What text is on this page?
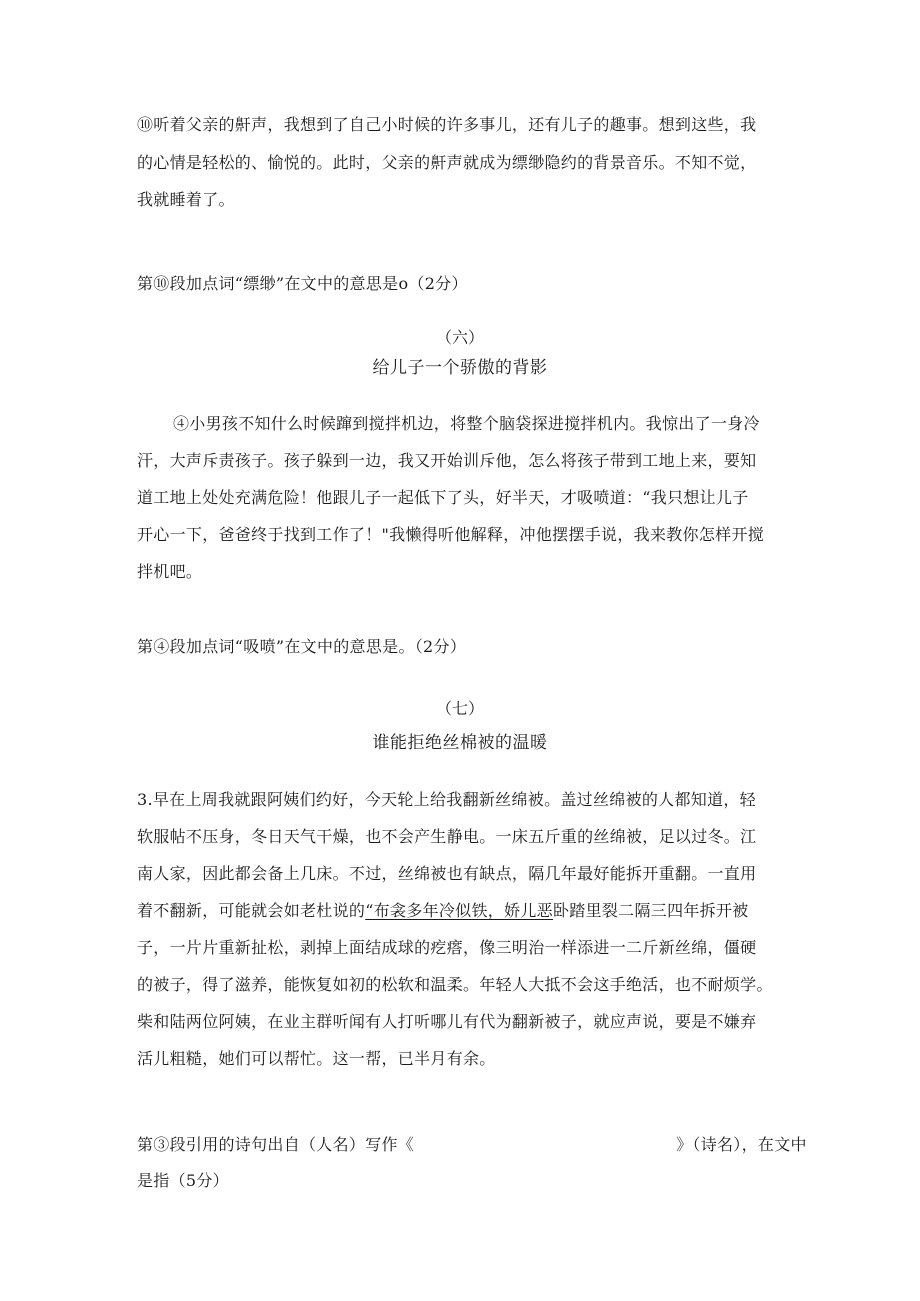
⑩听着父亲的鼾声，我想到了自己小时候的许多事儿，还有儿子的趣事。想到这些，我
的心情是轻松的、愉悦的。此时，父亲的鼾声就成为缥缈隐约的背景音乐。不知不觉，
我就睡着了。
第⑩段加点词“缥缈”在文中的意思是o（2分）
（六）
给儿子一个骄傲的背影
④小男孩不知什么时候蹿到搅拌机边，将整个脑袋探进搅拌机内。我惊出了一身冷
汗，大声斥责孩子。孩子躲到一边，我又开始训斥他，怎么将孩子带到工地上来，要知
道工地上处处充满危险！他跟儿子一起低下了头，好半天，才吸喷道：“我只想让儿子
开心一下，爸爸终于找到工作了！"我懒得听他解释，冲他摆摆手说，我来教你怎样开搅
拌机吧。
第④段加点词“吸喷”在文中的意思是。（2分）
（七）
谁能拒绝丝棉被的温暖
3.早在上周我就跟阿姨们约好，今天轮上给我翻新丝绵被。盖过丝绵被的人都知道，轻
软服帖不压身，冬日天气干燥，也不会产生静电。一床五斤重的丝绵被，足以过冬。江
南人家，因此都会备上几床。不过，丝绵被也有缺点，隔几年最好能拆开重翻。一直用
着不翻新，可能就会如老杜说的“布衾多年冷似铁，娇儿恶卧踏里裂二隔三四年拆开被
子，一片片重新扯松，剥掉上面结成球的疙瘩，像三明治一样添进一二斤新丝绵，僵硬
的被子，得了滋养，能恢复如初的松软和温柔。年轻人大抵不会这手绝活，也不耐烦学。
柴和陆两位阿姨，在业主群听闻有人打听哪儿有代为翻新被子，就应声说，要是不嫌弃
活儿粗糙，她们可以帮忙。这一帮，已半月有余。
第③段引用的诗句出自（人名）写作《	》（诗名），在文中
是指（5分）
